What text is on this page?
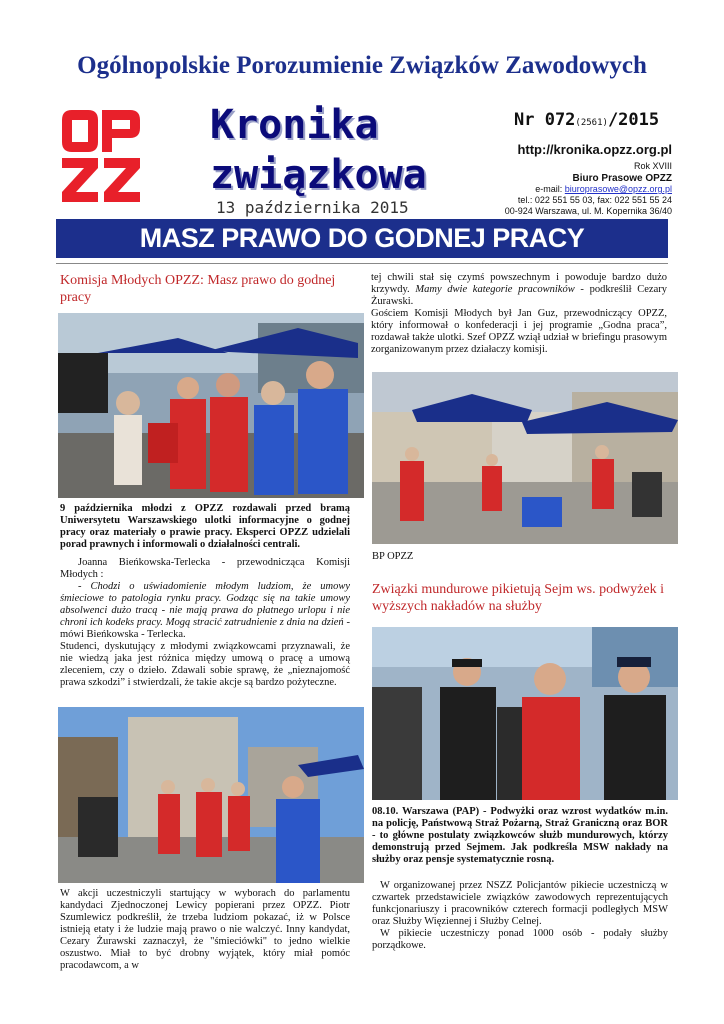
Ogólnopolskie Porozumienie Związków Zawodowych
Kronika
związkowa
13 października 2015
Nr 072(2561)/2015
http://kronika.opzz.org.pl
Rok XVIII
Biuro Prasowe OPZZ
e-mail: biuroprasowe@opzz.org.pl
tel.: 022 551 55 03, fax: 022 551 55 24
00-924 Warszawa, ul. M. Kopernika 36/40
MASZ PRAWO DO GODNEJ PRACY
Komisja Młodych OPZZ: Masz prawo do godnej pracy
9 października młodzi z OPZZ rozdawali przed bramą Uniwersytetu Warszawskiego ulotki informacyjne o godnej pracy oraz materiały o prawie pracy. Eksperci OPZZ udzielali porad prawnych i informowali o działalności centrali.

Joanna Bieńkowska-Terlecka - przewodnicząca Komisji Młodych :

- Chodzi o uświadomienie młodym ludziom, że umowy śmieciowe to patologia rynku pracy. Godząc się na takie umowy absolwenci dużo tracą - nie mają prawa do płatnego urlopu i nie chroni ich kodeks pracy. Mogą stracić zatrudnienie z dnia na dzień - mówi Bieńkowska - Terlecka.

Studenci, dyskutujący z młodymi związkowcami przyznawali, że nie wiedzą jaka jest różnica między umową o pracę a umową zleceniem, czy o dzieło. Zdawali sobie sprawę, że „nieznajomość prawa szkodzi” i stwierdzali, że takie akcje są bardzo pożyteczne.

W akcji uczestniczyli startujący w wyborach do parlamentu kandydaci Zjednoczonej Lewicy popierani przez OPZZ. Piotr Szumlewicz podkreślił, że trzeba ludziom pokazać, iż w Polsce istnieją etaty i że ludzie mają prawo o nie walczyć. Inny kandydat, Cezary Żurawski zaznaczył, że "śmieciówki" to jedno wielkie oszustwo. Miał to być drobny wyjątek, który miał pomóc pracodawcom, a w

tej chwili stał się czymś powszechnym i powoduje bardzo dużo krzywdy. Mamy dwie kategorie pracowników - podkreślił Cezary Żurawski.

Gościem Komisji Młodych był Jan Guz, przewodniczący OPZZ, który informował o konfederacji i jej programie „Godna praca”, rozdawał także ulotki. Szef OPZZ wziął udział w briefingu prasowym zorganizowanym przez działaczy komisji.

BP OPZZ
Związki mundurowe pikietują Sejm ws. podwyżek i wyższych nakładów na służby
08.10. Warszawa (PAP) - Podwyżki oraz wzrost wydatków m.in. na policję, Państwową Straż Pożarną, Straż Graniczną oraz BOR - to główne postulaty związkowców służb mundurowych, którzy demonstrują przed Sejmem. Jak podkreśla MSW nakłady na służby oraz pensje systematycznie rosną.

W organizowanej przez NSZZ Policjantów pikiecie uczestniczą w czwartek przedstawiciele związków zawodowych reprezentujących funkcjonariuszy i pracowników czterech formacji podległych MSW oraz Służby Więziennej i Służby Celnej.

W pikiecie uczestniczy ponad 1000 osób - podały służby porządkowe.
